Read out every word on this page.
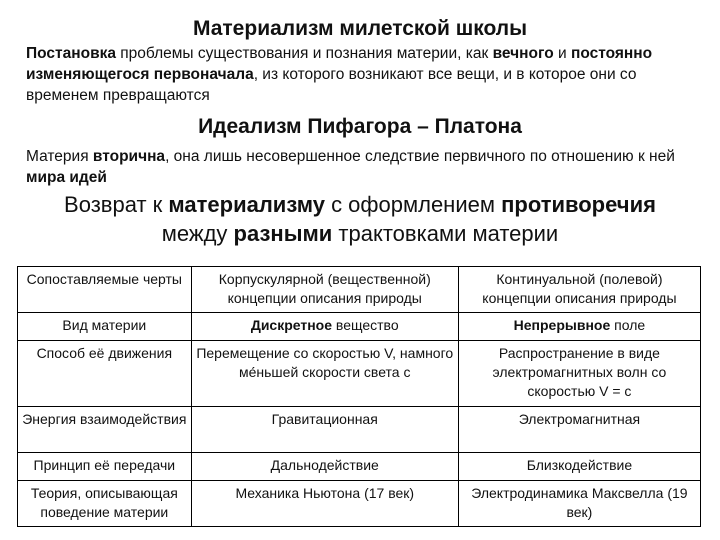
Материализм милетской школы
Постановка проблемы существования и познания материи, как вечного и постоянно изменяющегося первоначала, из которого возникают все вещи, и в которое они со временем превращаются
Идеализм Пифагора – Платона
Материя вторична, она лишь несовершенное следствие первичного по отношению к ней мира идей
Возврат к материализму с оформлением противоречия
между разными трактовками материи
Сопоставляемые черты	Корпускулярной (вещественной) концепции описания природы	Континуальной (полевой) концепции описания природы
Вид материи	Дискретное вещество	Непрерывное поле
Способ её движения	Перемещение со скоростью V, намного ме́ньшей скорости света c	Распространение в виде электромагнитных волн со скоростью V = c
Энергия взаимодействия	Гравитационная	Электромагнитная
Принцип её передачи	Дальнодействие	Близкодействие
Теория, описывающая поведение материи	Механика Ньютона (17 век)	Электродинамика Максвелла (19 век)
